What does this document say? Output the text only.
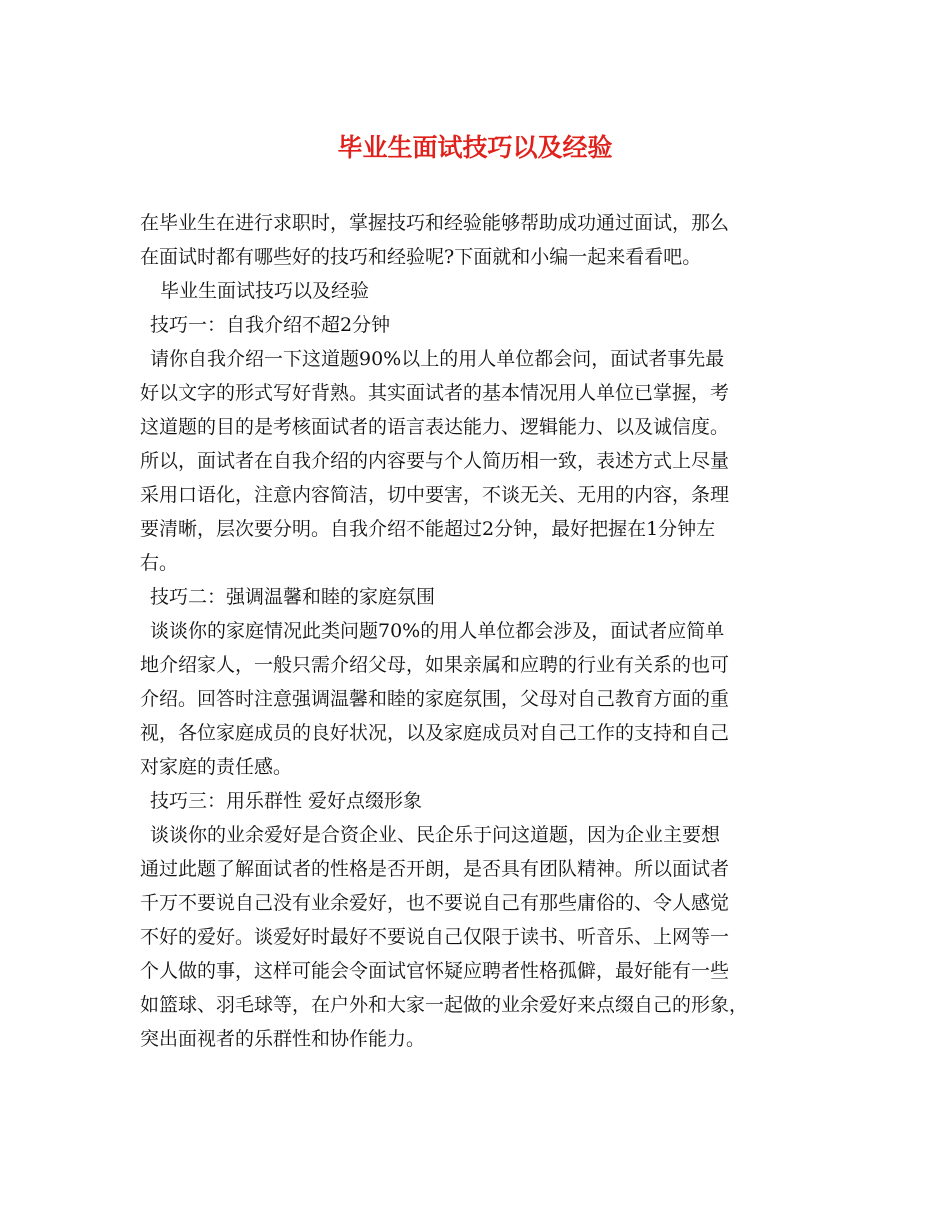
毕业生面试技巧以及经验
在毕业生在进行求职时，掌握技巧和经验能够帮助成功通过面试，那么
在面试时都有哪些好的技巧和经验呢?下面就和小编一起来看看吧。
毕业生面试技巧以及经验
技巧一：自我介绍不超2分钟
请你自我介绍一下这道题90%以上的用人单位都会问，面试者事先最
好以文字的形式写好背熟。其实面试者的基本情况用人单位已掌握，考
这道题的目的是考核面试者的语言表达能力、逻辑能力、以及诚信度。
所以，面试者在自我介绍的内容要与个人简历相一致，表述方式上尽量
采用口语化，注意内容简洁，切中要害，不谈无关、无用的内容，条理
要清晰，层次要分明。自我介绍不能超过2分钟，最好把握在1分钟左
右。
技巧二：强调温馨和睦的家庭氛围
谈谈你的家庭情况此类问题70%的用人单位都会涉及，面试者应简单
地介绍家人，一般只需介绍父母，如果亲属和应聘的行业有关系的也可
介绍。回答时注意强调温馨和睦的家庭氛围，父母对自己教育方面的重
视，各位家庭成员的良好状况，以及家庭成员对自己工作的支持和自己
对家庭的责任感。
技巧三：用乐群性 爱好点缀形象
谈谈你的业余爱好是合资企业、民企乐于问这道题，因为企业主要想
通过此题了解面试者的性格是否开朗，是否具有团队精神。所以面试者
千万不要说自己没有业余爱好，也不要说自己有那些庸俗的、令人感觉
不好的爱好。谈爱好时最好不要说自己仅限于读书、听音乐、上网等一
个人做的事，这样可能会令面试官怀疑应聘者性格孤僻，最好能有一些
如篮球、羽毛球等，在户外和大家一起做的业余爱好来点缀自己的形象，
突出面视者的乐群性和协作能力。
